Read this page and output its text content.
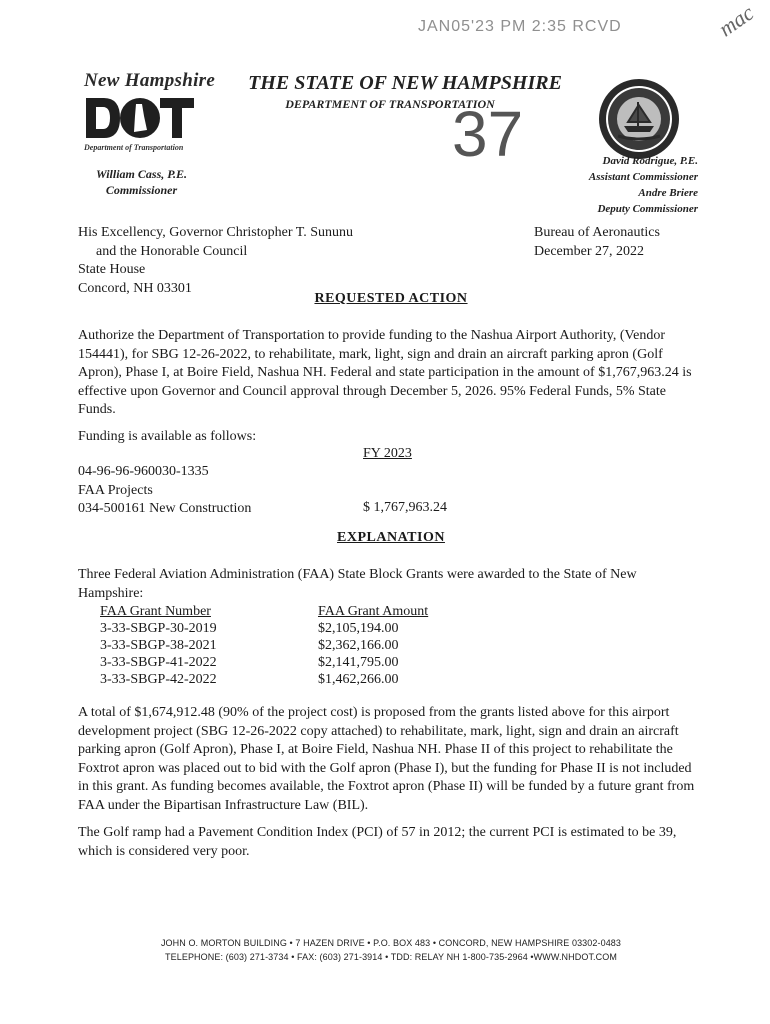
JAN05'23 PM 2:35 RCVD	mac
New Hampshire
Department of Transportation
THE STATE OF NEW HAMPSHIRE
DEPARTMENT OF TRANSPORTATION
37
William Cass, P.E.
Commissioner
David Rodrigue, P.E.
Assistant Commissioner
Andre Briere
Deputy Commissioner
His Excellency, Governor Christopher T. Sununu
and the Honorable Council
State House
Concord, NH 03301
Bureau of Aeronautics
December 27, 2022
REQUESTED ACTION
Authorize the Department of Transportation to provide funding to the Nashua Airport Authority, (Vendor 154441), for SBG 12-26-2022, to rehabilitate, mark, light, sign and drain an aircraft parking apron (Golf Apron), Phase I, at Boire Field, Nashua NH. Federal and state participation in the amount of $1,767,963.24 is effective upon Governor and Council approval through December 5, 2026. 95% Federal Funds, 5% State Funds.
Funding is available as follows:
FY 2023
04-96-96-960030-1335
FAA Projects
034-500161 New Construction	$ 1,767,963.24
EXPLANATION
Three Federal Aviation Administration (FAA) State Block Grants were awarded to the State of New Hampshire:
FAA Grant Number	FAA Grant Amount
3-33-SBGP-30-2019	$2,105,194.00
3-33-SBGP-38-2021	$2,362,166.00
3-33-SBGP-41-2022	$2,141,795.00
3-33-SBGP-42-2022	$1,462,266.00
A total of $1,674,912.48 (90% of the project cost) is proposed from the grants listed above for this airport development project (SBG 12-26-2022 copy attached) to rehabilitate, mark, light, sign and drain an aircraft parking apron (Golf Apron), Phase I, at Boire Field, Nashua NH. Phase II of this project to rehabilitate the Foxtrot apron was placed out to bid with the Golf apron (Phase I), but the funding for Phase II is not included in this grant. As funding becomes available, the Foxtrot apron (Phase II) will be funded by a future grant from FAA under the Bipartisan Infrastructure Law (BIL).
The Golf ramp had a Pavement Condition Index (PCI) of 57 in 2012; the current PCI is estimated to be 39, which is considered very poor.
JOHN O. MORTON BUILDING • 7 HAZEN DRIVE • P.O. BOX 483 • CONCORD, NEW HAMPSHIRE 03302-0483
TELEPHONE: (603) 271-3734 • FAX: (603) 271-3914 • TDD: RELAY NH 1-800-735-2964 •WWW.NHDOT.COM
